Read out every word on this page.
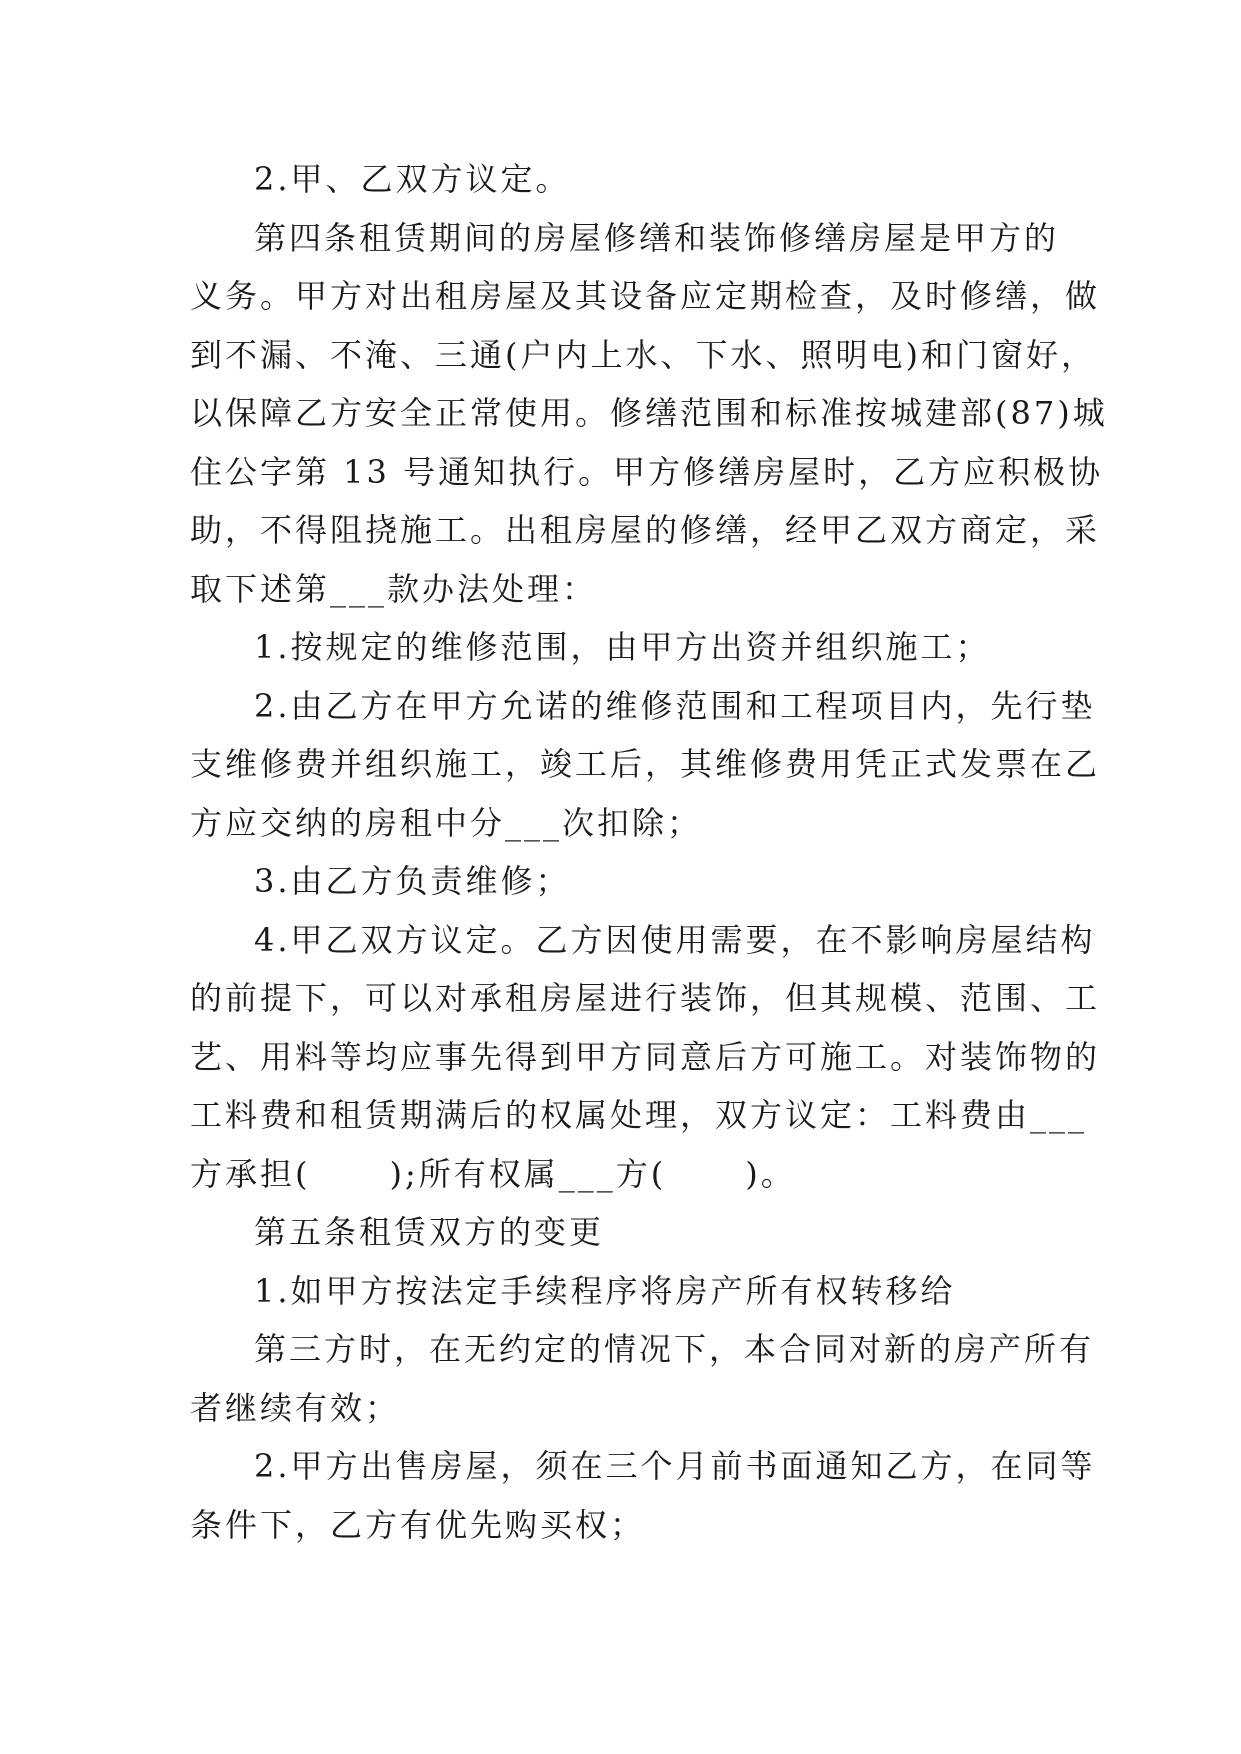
2.甲、乙双方议定。

第四条租赁期间的房屋修缮和装饰修缮房屋是甲方的
义务。甲方对出租房屋及其设备应定期检查，及时修缮，做
到不漏、不淹、三通(户内上水、下水、照明电)和门窗好，
以保障乙方安全正常使用。修缮范围和标准按城建部(87)城
住公字第 13 号通知执行。甲方修缮房屋时，乙方应积极协
助，不得阻挠施工。出租房屋的修缮，经甲乙双方商定，采
取下述第___款办法处理：

1.按规定的维修范围，由甲方出资并组织施工；

2.由乙方在甲方允诺的维修范围和工程项目内，先行垫
支维修费并组织施工，竣工后，其维修费用凭正式发票在乙
方应交纳的房租中分___次扣除；

3.由乙方负责维修；

4.甲乙双方议定。乙方因使用需要，在不影响房屋结构
的前提下，可以对承租房屋进行装饰，但其规模、范围、工
艺、用料等均应事先得到甲方同意后方可施工。对装饰物的
工料费和租赁期满后的权属处理，双方议定：工料费由___
方承担(      );所有权属___方(      )。

第五条租赁双方的变更

1.如甲方按法定手续程序将房产所有权转移给

第三方时，在无约定的情况下，本合同对新的房产所有
者继续有效；

2.甲方出售房屋，须在三个月前书面通知乙方，在同等
条件下，乙方有优先购买权；
